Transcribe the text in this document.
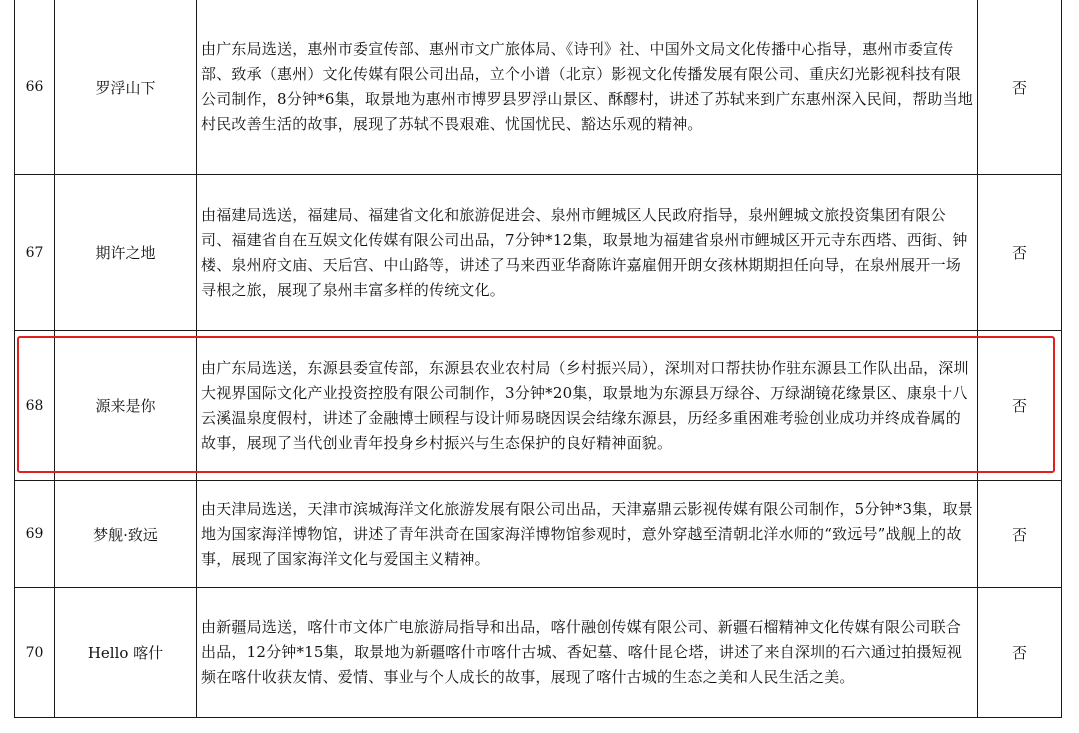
66	罗浮山下	由广东局选送，惠州市委宣传部、惠州市文广旅体局、《诗刊》社、中国外文局文化传播中心指导，惠州市委宣传部、致承（惠州）文化传媒有限公司出品，立个小谱（北京）影视文化传播发展有限公司、重庆幻光影视科技有限公司制作，8分钟*6集，取景地为惠州市博罗县罗浮山景区、酥醪村，讲述了苏轼来到广东惠州深入民间，帮助当地村民改善生活的故事，展现了苏轼不畏艰难、忧国忧民、豁达乐观的精神。	否
67	期许之地	由福建局选送，福建局、福建省文化和旅游促进会、泉州市鲤城区人民政府指导，泉州鲤城文旅投资集团有限公司、福建省自在互娱文化传媒有限公司出品，7分钟*12集，取景地为福建省泉州市鲤城区开元寺东西塔、西街、钟楼、泉州府文庙、天后宫、中山路等，讲述了马来西亚华裔陈许嘉雇佣开朗女孩林期期担任向导，在泉州展开一场寻根之旅，展现了泉州丰富多样的传统文化。	否
68	源来是你	由广东局选送，东源县委宣传部，东源县农业农村局（乡村振兴局），深圳对口帮扶协作驻东源县工作队出品，深圳大视界国际文化产业投资控股有限公司制作，3分钟*20集，取景地为东源县万绿谷、万绿湖镜花缘景区、康泉十八云溪温泉度假村，讲述了金融博士顾程与设计师易晓因误会结缘东源县，历经多重困难考验创业成功并终成眷属的故事，展现了当代创业青年投身乡村振兴与生态保护的良好精神面貌。	否
69	梦舰·致远	由天津局选送，天津市滨城海洋文化旅游发展有限公司出品，天津嘉鼎云影视传媒有限公司制作，5分钟*3集，取景地为国家海洋博物馆，讲述了青年洪奇在国家海洋博物馆参观时，意外穿越至清朝北洋水师的“致远号”战舰上的故事，展现了国家海洋文化与爱国主义精神。	否
70	Hello 喀什	由新疆局选送，喀什市文体广电旅游局指导和出品，喀什融创传媒有限公司、新疆石榴精神文化传媒有限公司联合出品，12分钟*15集，取景地为新疆喀什市喀什古城、香妃墓、喀什昆仑塔，讲述了来自深圳的石六通过拍摄短视频在喀什收获友情、爱情、事业与个人成长的故事，展现了喀什古城的生态之美和人民生活之美。	否
